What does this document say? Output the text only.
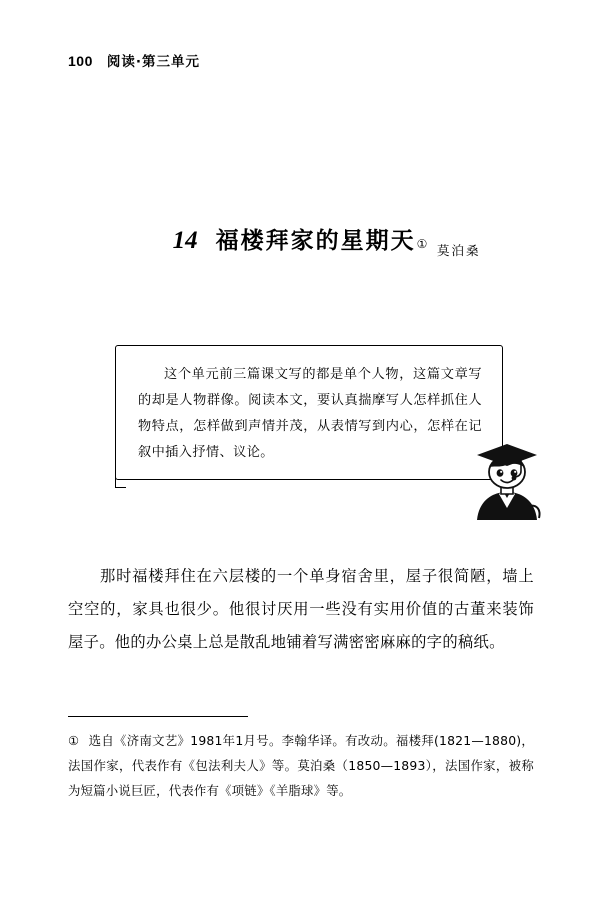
100 阅读·第三单元
14 福楼拜家的星期天 ① 莫泊桑
这个单元前三篇课文写的都是单个人物，这篇文章写的却是人物群像。阅读本文，要认真揣摩写人怎样抓住人物特点，怎样做到声情并茂，从表情写到内心，怎样在记叙中插入抒情、议论。
那时福楼拜住在六层楼的一个单身宿舍里，屋子很简陋，墙上空空的，家具也很少。他很讨厌用一些没有实用价值的古董来装饰屋子。他的办公桌上总是散乱地铺着写满密密麻麻的字的稿纸。
① 选自《济南文艺》1981年1月号。李翰华译。有改动。福楼拜(1821—1880)，法国作家，代表作有《包法利夫人》等。莫泊桑（1850—1893），法国作家，被称为短篇小说巨匠，代表作有《项链》《羊脂球》等。
